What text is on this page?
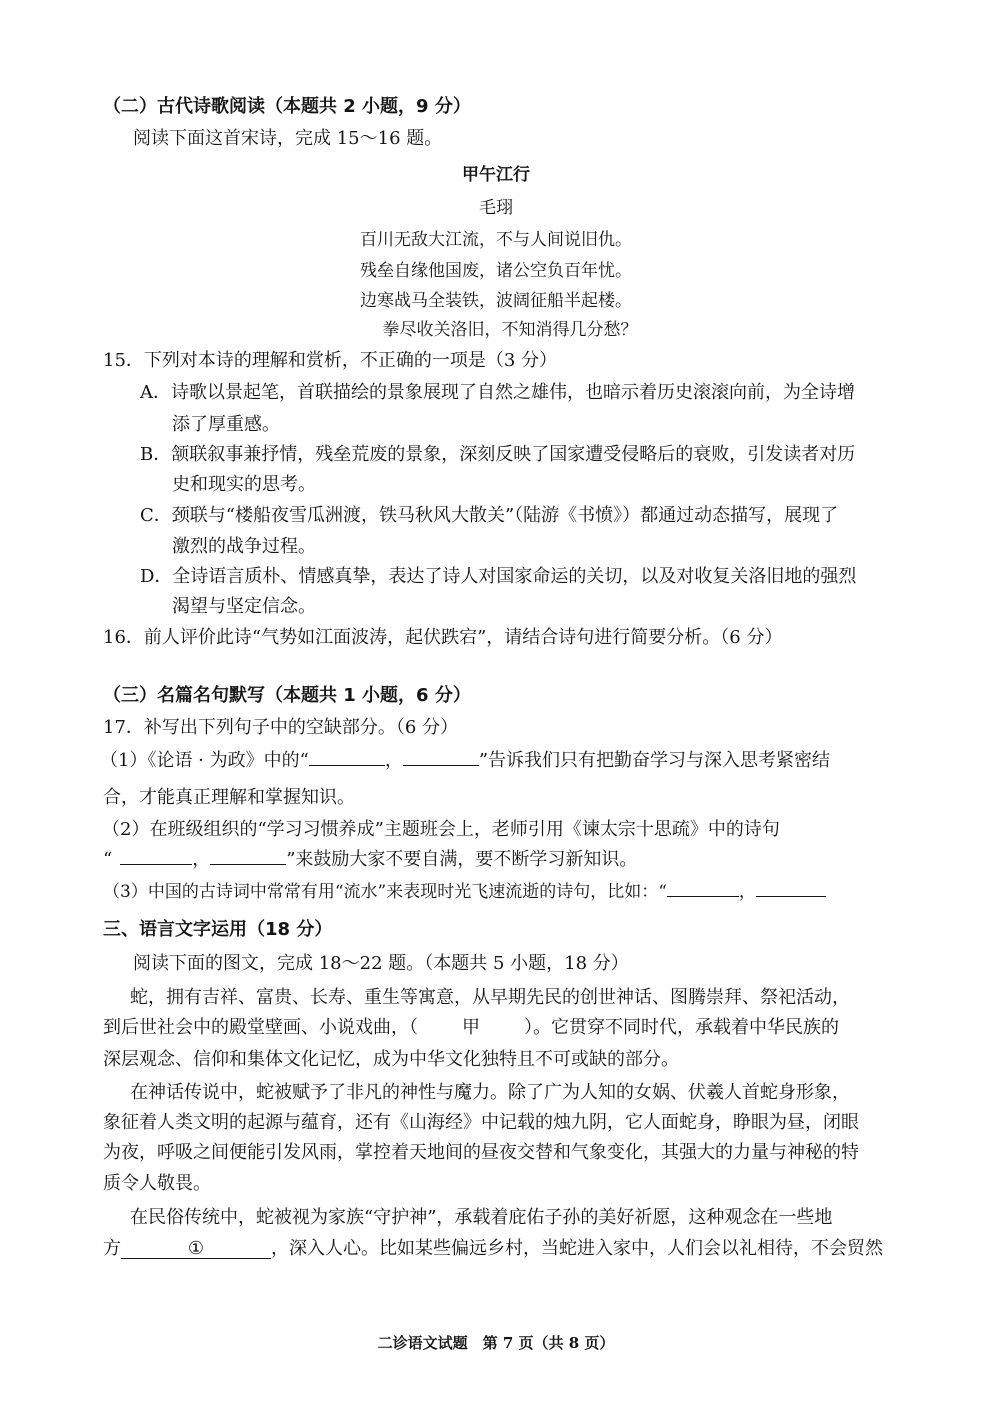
（二）古代诗歌阅读（本题共 2 小题，9 分）
阅读下面这首宋诗，完成 15～16 题。
甲午江行
毛珝
百川无敌大江流，不与人间说旧仇。
残垒自缘他国废，诸公空负百年忧。
边寒战马全装铁，波阔征船半起楼。
拳尽收关洛旧，不知消得几分愁？
15．下列对本诗的理解和赏析，不正确的一项是（3 分）
A．诗歌以景起笔，首联描绘的景象展现了自然之雄伟，也暗示着历史滚滚向前，为全诗增
添了厚重感。
B．颔联叙事兼抒情，残垒荒废的景象，深刻反映了国家遭受侵略后的衰败，引发读者对历
史和现实的思考。
C．颈联与“楼船夜雪瓜洲渡，铁马秋风大散关”（陆游《书愤》）都通过动态描写，展现了
激烈的战争过程。
D．全诗语言质朴、情感真挚，表达了诗人对国家命运的关切，以及对收复关洛旧地的强烈
渴望与坚定信念。
16．前人评价此诗“气势如江面波涛，起伏跌宕”，请结合诗句进行简要分析。（6 分）
（三）名篇名句默写（本题共 1 小题，6 分）
17．补写出下列句子中的空缺部分。（6 分）
（1）《论语 · 为政》中的“	，	”告诉我们只有把勤奋学习与深入思考紧密结
合，才能真正理解和掌握知识。
（2）在班级组织的“学习习惯养成”主题班会上，老师引用《谏太宗十思疏》中的诗句
“	，	”来鼓励大家不要自满，要不断学习新知识。
（3）中国的古诗词中常常有用“流水”来表现时光飞速流逝的诗句，比如：“	，
三、语言文字运用（18 分）
阅读下面的图文，完成 18～22 题。（本题共 5 小题，18 分）
蛇，拥有吉祥、富贵、长寿、重生等寓意，从早期先民的创世神话、图腾崇拜、祭祀活动，
到后世社会中的殿堂壁画、小说戏曲，（ 甲 ）。它贯穿不同时代，承载着中华民族的
深层观念、信仰和集体文化记忆，成为中华文化独特且不可或缺的部分。
在神话传说中，蛇被赋予了非凡的神性与魔力。除了广为人知的女娲、伏羲人首蛇身形象，
象征着人类文明的起源与蕴育，还有《山海经》中记载的烛九阴，它人面蛇身，睁眼为昼，闭眼
为夜，呼吸之间便能引发风雨，掌控着天地间的昼夜交替和气象变化，其强大的力量与神秘的特
质令人敬畏。
在民俗传统中，蛇被视为家族“守护神”，承载着庇佑子孙的美好祈愿，这种观念在一些地
方	①	，深入人心。比如某些偏远乡村，当蛇进入家中，人们会以礼相待，不会贸然
二诊语文试题　第 7 页（共 8 页）
